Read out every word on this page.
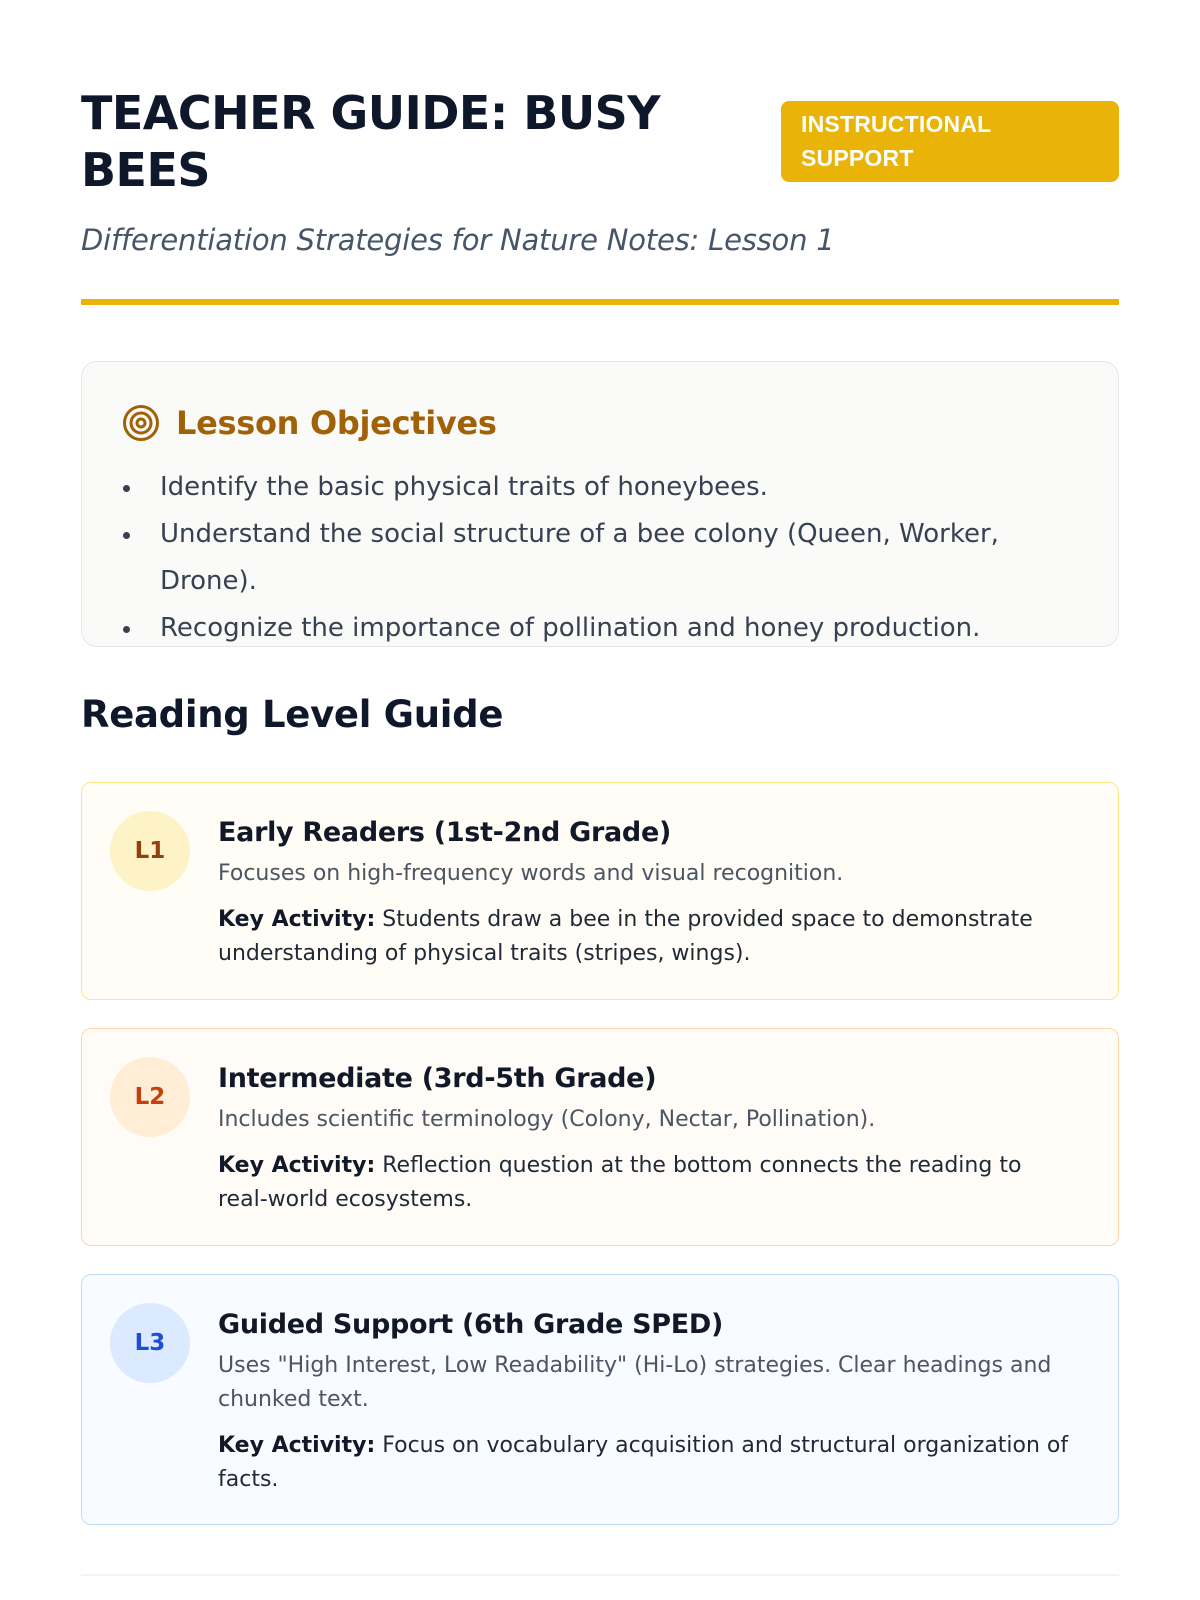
TEACHER GUIDE: BUSY BEES
INSTRUCTIONAL SUPPORT
Differentiation Strategies for Nature Notes: Lesson 1
Lesson Objectives
Identify the basic physical traits of honeybees.
Understand the social structure of a bee colony (Queen, Worker, Drone).
Recognize the importance of pollination and honey production.
Reading Level Guide
L1
Early Readers (1st-2nd Grade)
Focuses on high-frequency words and visual recognition.
Key Activity: Students draw a bee in the provided space to demonstrate understanding of physical traits (stripes, wings).
L2
Intermediate (3rd-5th Grade)
Includes scientific terminology (Colony, Nectar, Pollination).
Key Activity: Reflection question at the bottom connects the reading to real-world ecosystems.
L3
Guided Support (6th Grade SPED)
Uses "High Interest, Low Readability" (Hi-Lo) strategies. Clear headings and chunked text.
Key Activity: Focus on vocabulary acquisition and structural organization of facts.
